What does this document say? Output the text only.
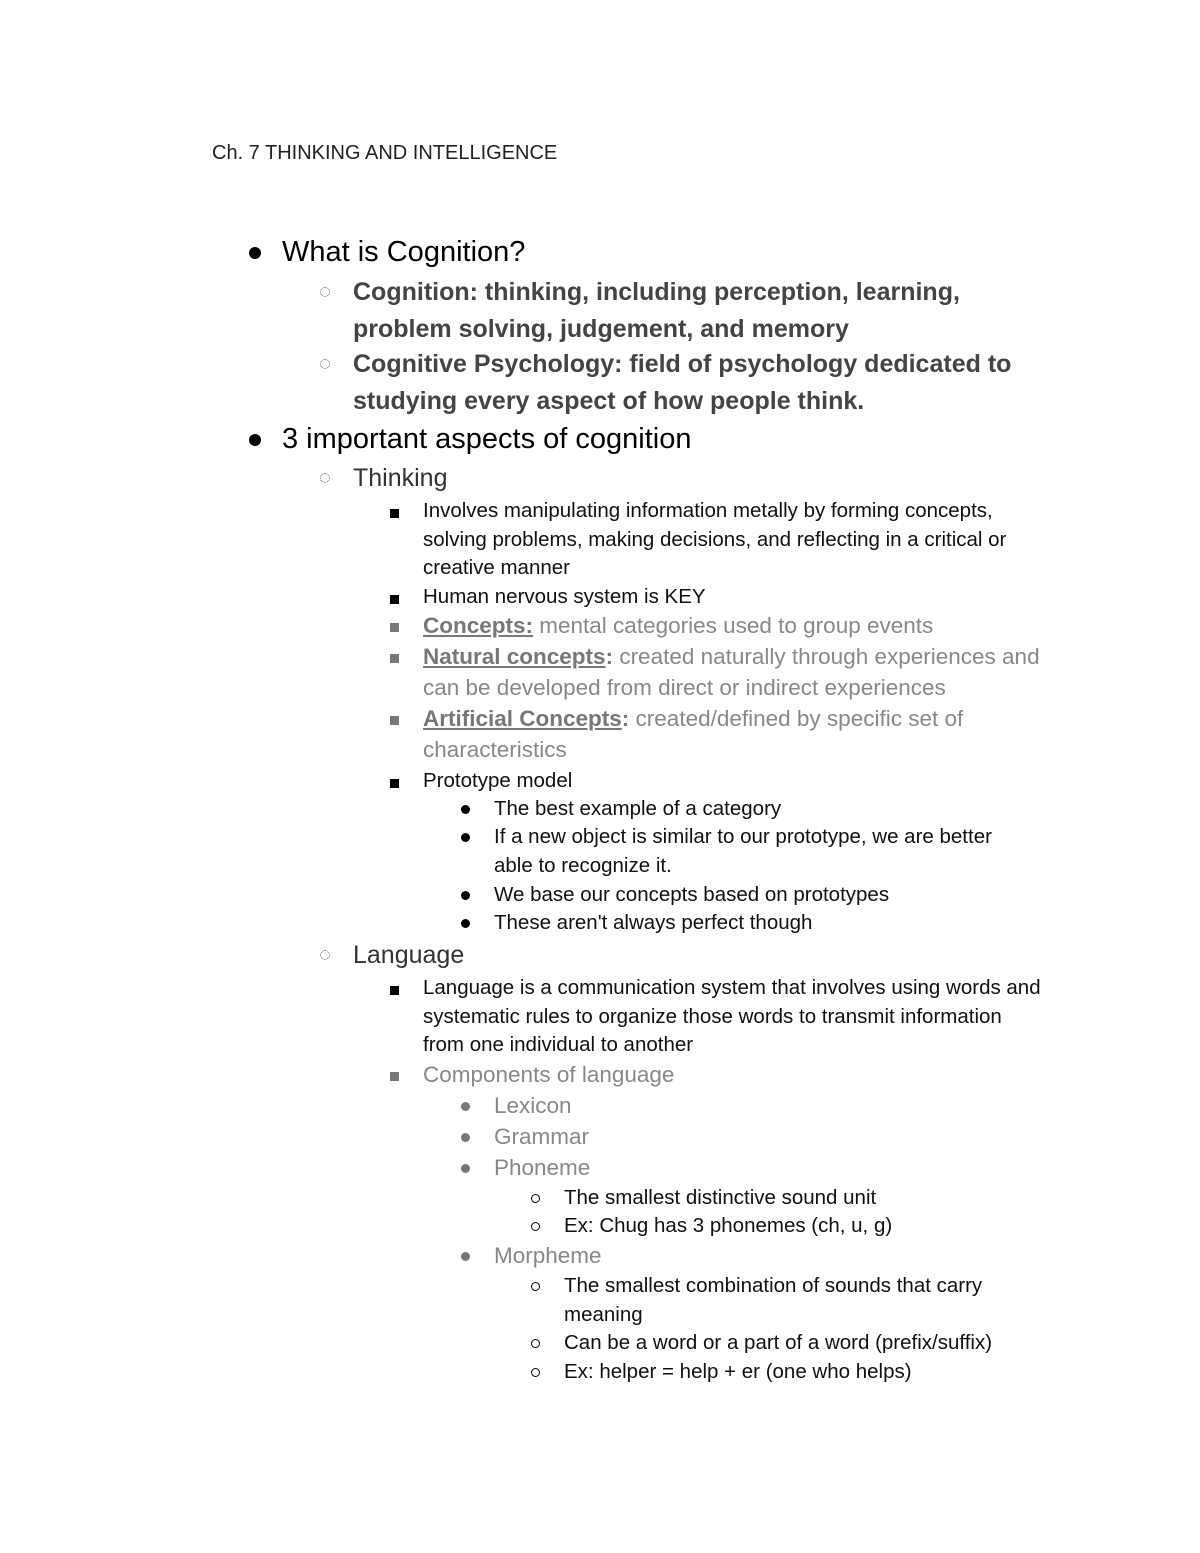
Ch. 7 THINKING AND INTELLIGENCE
What is Cognition?
Cognition: thinking, including perception, learning, problem solving, judgement, and memory
Cognitive Psychology: field of psychology dedicated to studying every aspect of how people think.
3 important aspects of cognition
Thinking
Involves manipulating information metally by forming concepts, solving problems, making decisions, and reflecting in a critical or creative manner
Human nervous system is KEY
Concepts: mental categories used to group events
Natural concepts: created naturally through experiences and can be developed from direct or indirect experiences
Artificial Concepts: created/defined by specific set of characteristics
Prototype model
The best example of a category
If a new object is similar to our prototype, we are better able to recognize it.
We base our concepts based on prototypes
These aren't always perfect though
Language
Language is a communication system that involves using words and systematic rules to organize those words to transmit information from one individual to another
Components of language
Lexicon
Grammar
Phoneme
The smallest distinctive sound unit
Ex: Chug has 3 phonemes (ch, u, g)
Morpheme
The smallest combination of sounds that carry meaning
Can be a word or a part of a word (prefix/suffix)
Ex: helper = help + er (one who helps)
